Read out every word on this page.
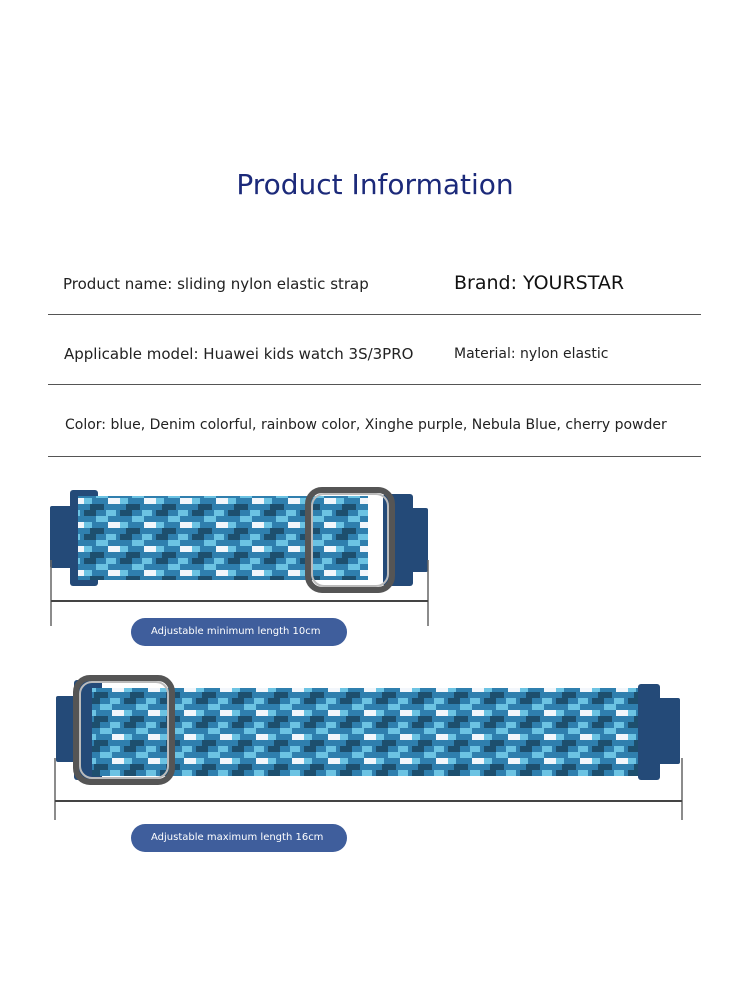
Product Information
Product name: sliding nylon elastic strap	Brand: YOURSTAR
Applicable model: Huawei kids watch 3S/3PRO	Material: nylon elastic
Color: blue, Denim colorful, rainbow color, Xinghe purple, Nebula Blue, cherry powder
Adjustable minimum length 10cm
Adjustable maximum length 16cm
